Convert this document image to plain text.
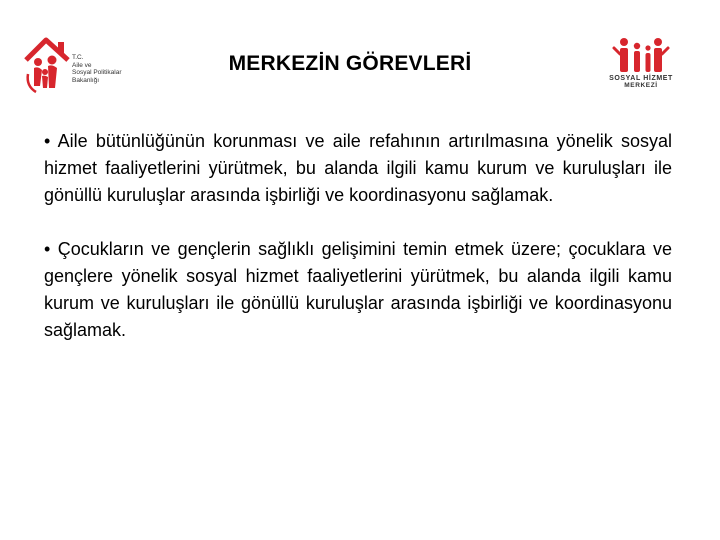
T.C.
Aile ve
Sosyal Politikalar
Bakanlığı
MERKEZİN GÖREVLERİ
SOSYAL HİZMET
MERKEZİ

• Aile bütünlüğünün korunması ve aile refahının artırılmasına yönelik sosyal hizmet faaliyetlerini yürütmek, bu alanda ilgili kamu kurum ve kuruluşları ile gönüllü kuruluşlar arasında işbirliği ve koordinasyonu sağlamak.

• Çocukların ve gençlerin sağlıklı gelişimini temin etmek üzere; çocuklara ve gençlere yönelik sosyal hizmet faaliyetlerini yürütmek, bu alanda ilgili kamu kurum ve kuruluşları ile gönüllü kuruluşlar arasında işbirliği ve koordinasyonu sağlamak.
